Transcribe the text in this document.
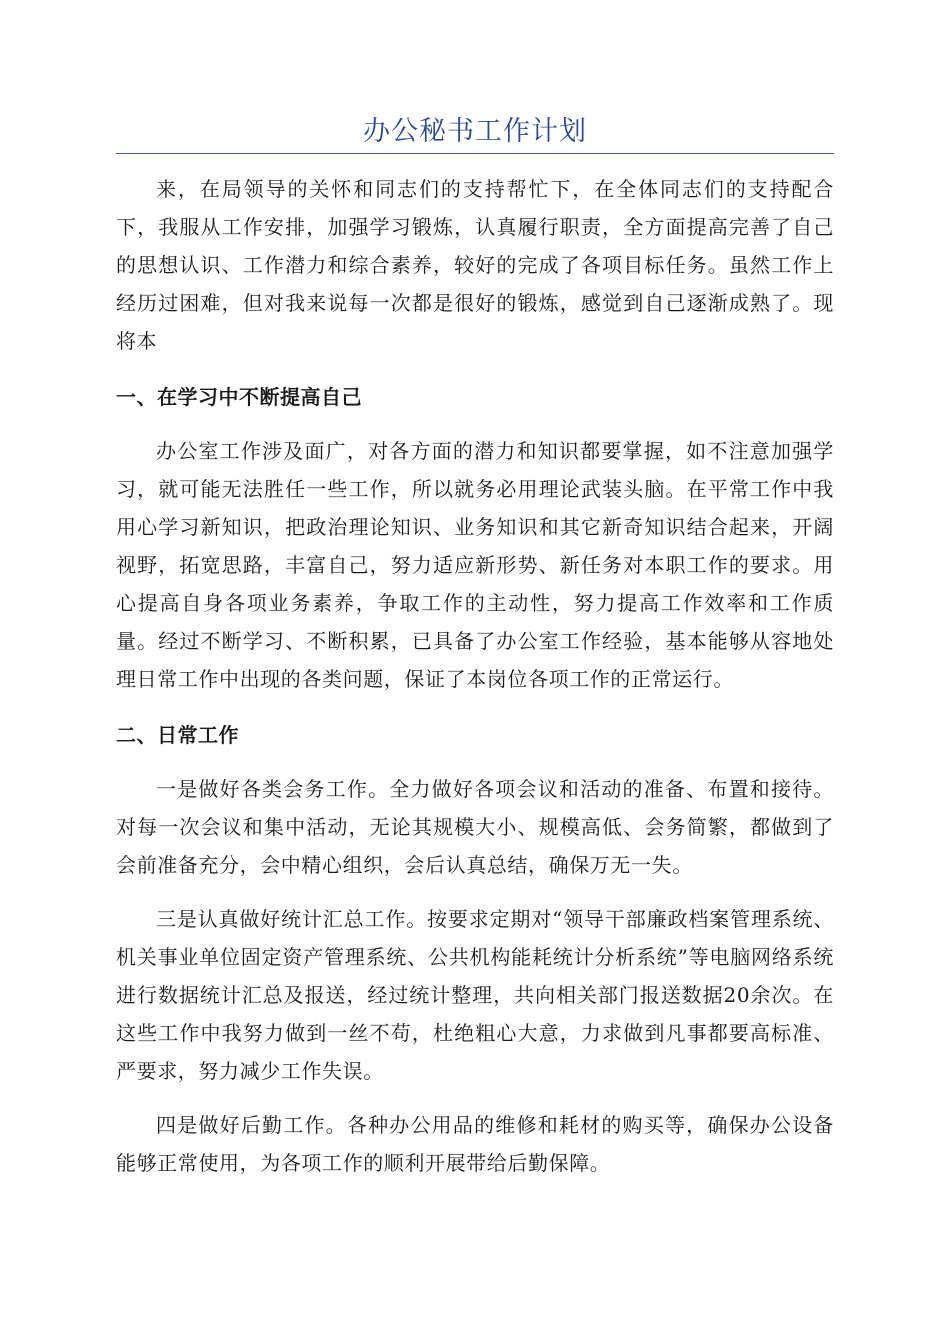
办公秘书工作计划

来，在局领导的关怀和同志们的支持帮忙下，在全体同志们的支持配合下，我服从工作安排，加强学习锻炼，认真履行职责，全方面提高完善了自己的思想认识、工作潜力和综合素养，较好的完成了各项目标任务。虽然工作上经历过困难，但对我来说每一次都是很好的锻炼，感觉到自己逐渐成熟了。现将本

一、在学习中不断提高自己

办公室工作涉及面广，对各方面的潜力和知识都要掌握，如不注意加强学习，就可能无法胜任一些工作，所以就务必用理论武装头脑。在平常工作中我用心学习新知识，把政治理论知识、业务知识和其它新奇知识结合起来，开阔视野，拓宽思路，丰富自己，努力适应新形势、新任务对本职工作的要求。用心提高自身各项业务素养，争取工作的主动性，努力提高工作效率和工作质量。经过不断学习、不断积累，已具备了办公室工作经验，基本能够从容地处理日常工作中出现的各类问题，保证了本岗位各项工作的正常运行。

二、日常工作

一是做好各类会务工作。全力做好各项会议和活动的准备、布置和接待。对每一次会议和集中活动，无论其规模大小、规模高低、会务简繁，都做到了会前准备充分，会中精心组织，会后认真总结，确保万无一失。

三是认真做好统计汇总工作。按要求定期对“领导干部廉政档案管理系统、机关事业单位固定资产管理系统、公共机构能耗统计分析系统”等电脑网络系统进行数据统计汇总及报送，经过统计整理，共向相关部门报送数据20余次。在这些工作中我努力做到一丝不苟，杜绝粗心大意，力求做到凡事都要高标准、严要求，努力减少工作失误。

四是做好后勤工作。各种办公用品的维修和耗材的购买等，确保办公设备能够正常使用，为各项工作的顺利开展带给后勤保障。
